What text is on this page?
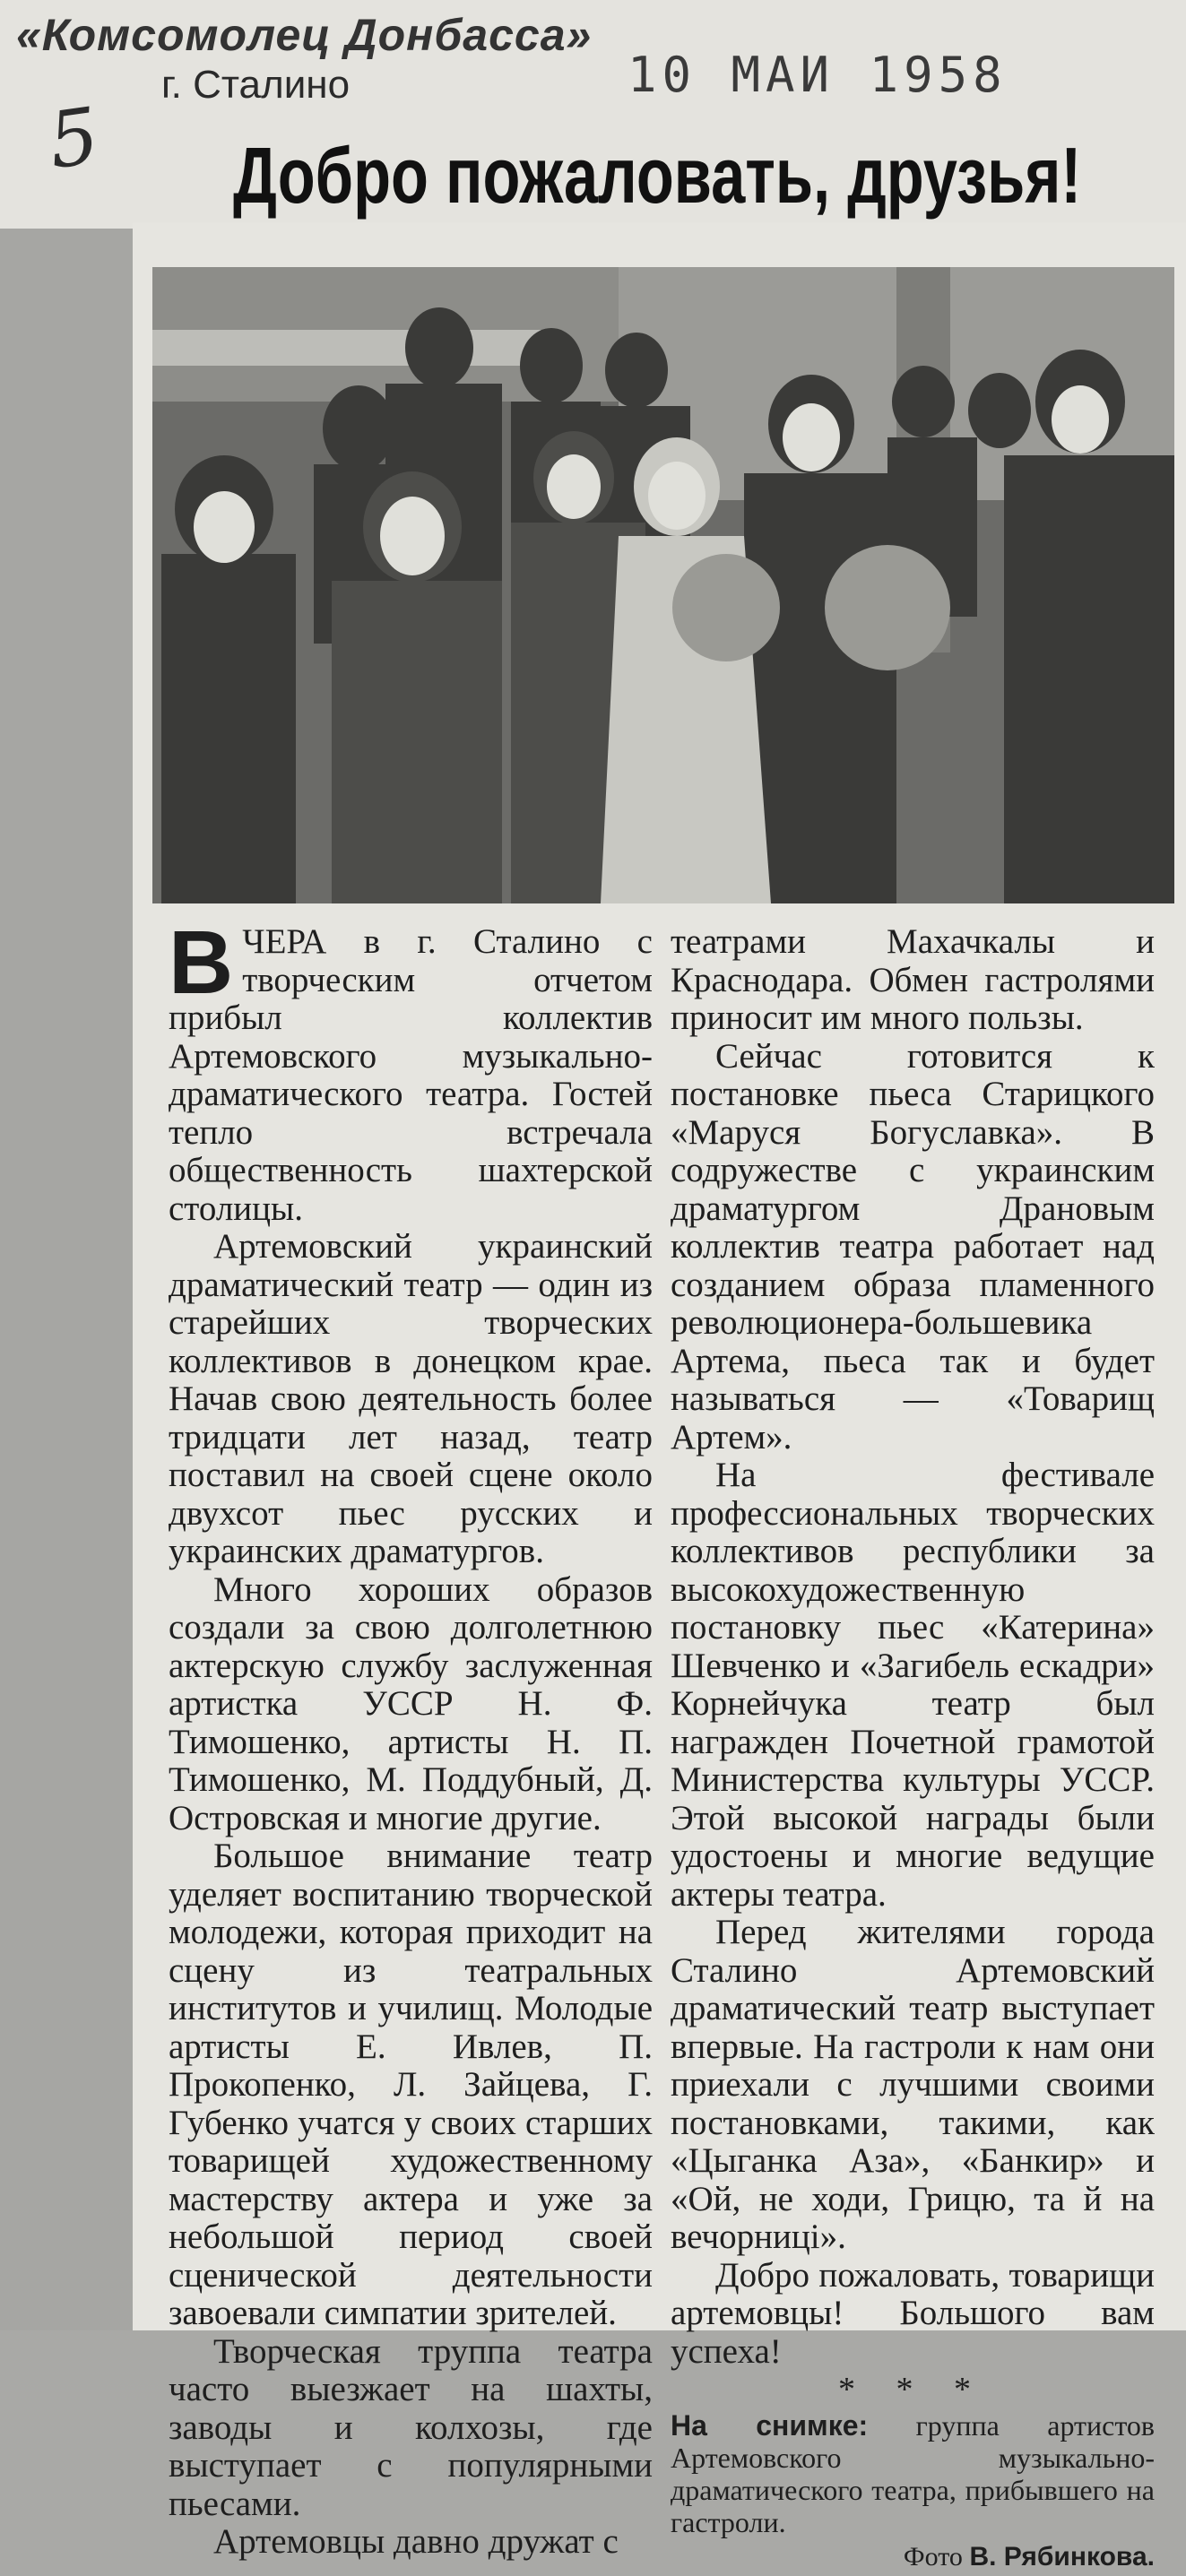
«Комсомолец Донбасса»
г. Сталино	10 МАИ 1958
5 Добро пожаловать, друзья!

ВЧЕРА в г. Сталино с творческим отчетом прибыл коллектив Артемовского музыкально-драматического театра. Гостей тепло встречала общественность шахтерской столицы.

Артемовский украинский драматический театр — один из старейших творческих коллективов в донецком крае. Начав свою деятельность более тридцати лет назад, театр поставил на своей сцене около двухсот пьес русских и украинских драматургов.

Много хороших образов создали за свою долголетнюю актерскую службу заслуженная артистка УССР Н. Ф. Тимошенко, артисты Н. П. Тимошенко, М. Поддубный, Д. Островская и многие другие.

Большое внимание театр уделяет воспитанию творческой молодежи, которая приходит на сцену из театральных институтов и училищ. Молодые артисты Е. Ивлев, П. Прокопенко, Л. Зайцева, Г. Губенко учатся у своих старших товарищей художественному мастерству актера и уже за небольшой период своей сценической деятельности завоевали симпатии зрителей.

Творческая труппа театра часто выезжает на шахты, заводы и колхозы, где выступает с популярными пьесами.

Артемовцы давно дружат с

театрами Махачкалы и Краснодара. Обмен гастролями приносит им много пользы.

Сейчас готовится к постановке пьеса Старицкого «Маруся Богуславка». В содружестве с украинским драматургом Драновым коллектив театра работает над созданием образа пламенного революционера-большевика Артема, пьеса так и будет называться — «Товарищ Артем».

На фестивале профессиональных творческих коллективов республики за высокохудожественную постановку пьес «Катерина» Шевченко и «Загибель ескадри» Корнейчука театр был награжден Почетной грамотой Министерства культуры УССР. Этой высокой награды были удостоены и многие ведущие актеры театра.

Перед жителями города Сталино Артемовский драматический театр выступает впервые. На гастроли к нам они приехали с лучшими своими постановками, такими, как «Цыганка Аза», «Банкир» и «Ой, не ходи, Грицю, та й на вечорниці».

Добро пожаловать, товарищи артемовцы! Большого вам успеха!

* * *

На снимке: группа артистов Артемовского музыкально-драматического театра, прибывшего на гастроли.

Фото В. Рябинкова.
